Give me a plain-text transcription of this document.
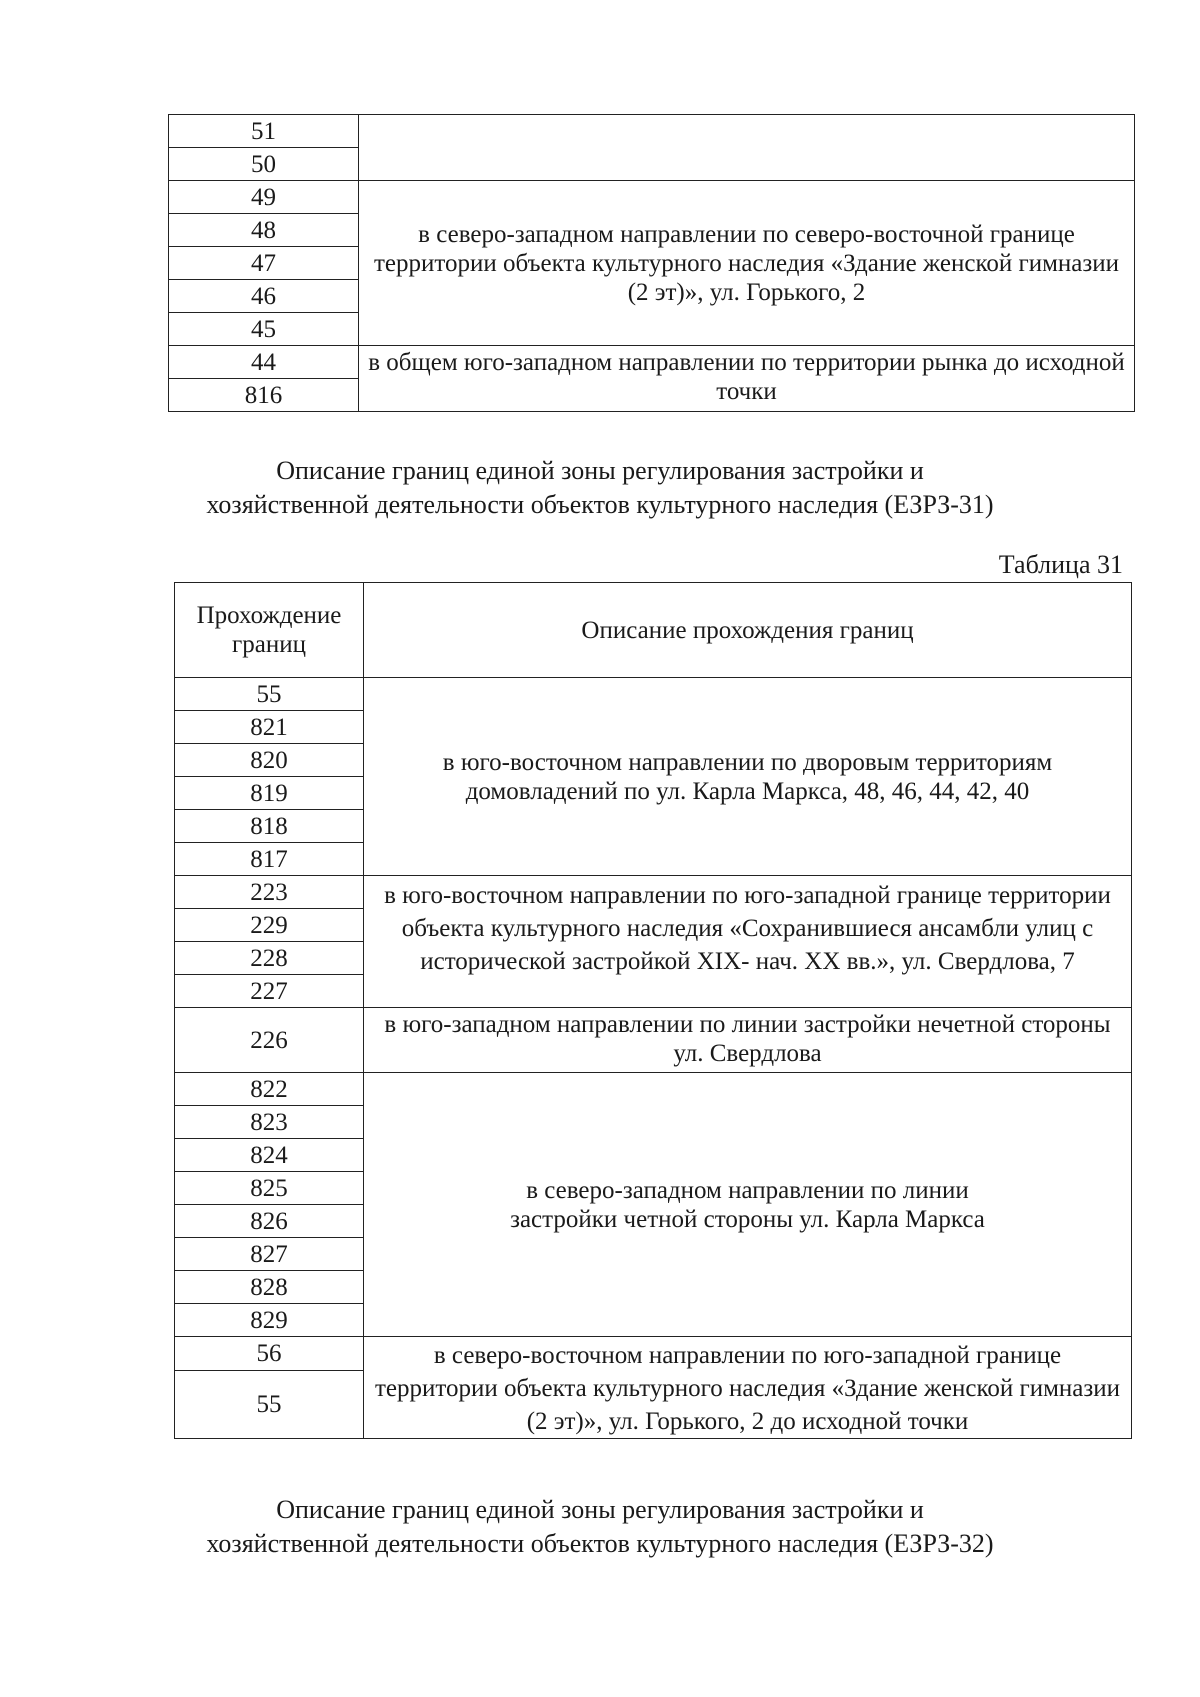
51	
50	
49	в северо-западном направлении по северо-восточной границе территории объекта культурного наследия «Здание женской гимназии (2 эт)», ул. Горького, 2
48	
47	
46	
45	
44	в общем юго-западном направлении по территории рынка до исходной точки
816	
Описание границ единой зоны регулирования застройки и
хозяйственной деятельности объектов культурного наследия (ЕЗРЗ-31)
Таблица 31
Прохождение границ	Описание прохождения границ
55	в юго-восточном направлении по дворовым территориям домовладений по ул. Карла Маркса, 48, 46, 44, 42, 40
821	
820	
819	
818	
817	
223	в юго-восточном направлении по юго-западной границе территории объекта культурного наследия «Сохранившиеся ансамбли улиц с исторической застройкой XIX- нач. XX вв.», ул. Свердлова, 7
229	
228	
227	
226	в юго-западном направлении по линии застройки нечетной стороны ул. Свердлова
822	в северо-западном направлении по линии застройки четной стороны ул. Карла Маркса
823	
824	
825	
826	
827	
828	
829	
56	в северо-восточном направлении по юго-западной границе территории объекта культурного наследия «Здание женской гимназии (2 эт)», ул. Горького, 2 до исходной точки
55	
Описание границ единой зоны регулирования застройки и
хозяйственной деятельности объектов культурного наследия (ЕЗРЗ-32)
